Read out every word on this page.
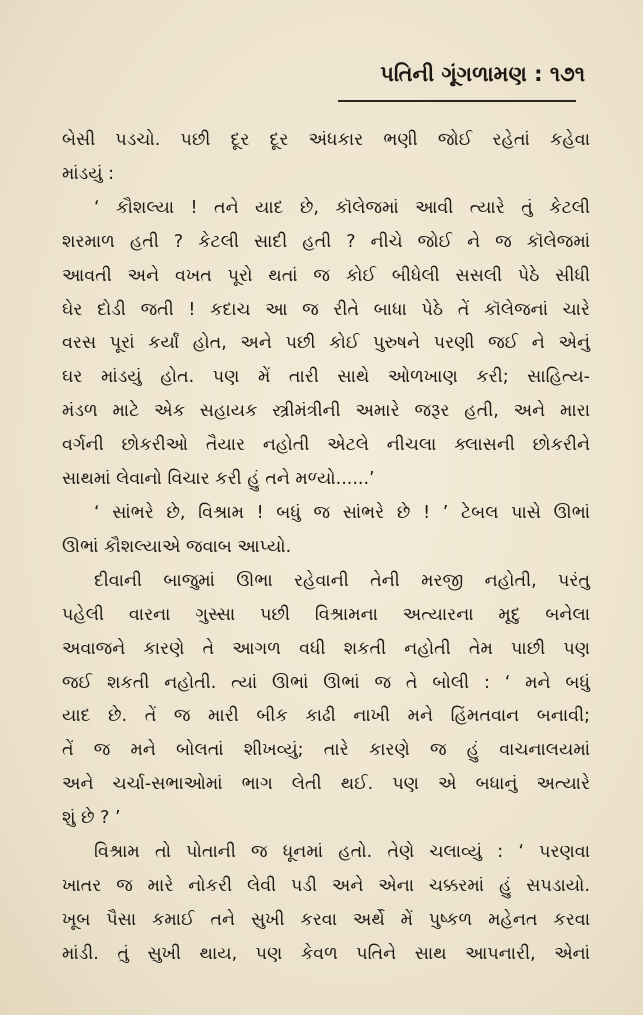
પતિની ગૂંગળામણ : ૧૭૧
બેસી પડચો. પછી દૂર દૂર અંધકાર ભણી જોઈ રહેતાં કહેવા
માંડયું :
‘ કૌશલ્યા ! તને યાદ છે, કૉલેજમાં આવી ત્યારે તું કેટલી
શરમાળ હતી ? કેટલી સાદી હતી ? નીચે જોઈ ને જ કૉલેજમાં
આવતી અને વખત પૂરો થતાં જ કોઈ બીધેલી સસલી પેઠે સીધી
ઘેર દોડી જતી ! કદાચ આ જ રીતે બાધા પેઠે તેં કૉલેજનાં ચારે
વરસ પૂરાં કર્યાં હોત, અને પછી કોઈ પુરુષને પરણી જઈ ને એનું
ઘર માંડયું હોત. પણ મેં તારી સાથે ઓળખાણ કરી; સાહિત્ય-
મંડળ માટે એક સહાયક સ્ત્રીમંત્રીની અમારે જરૂર હતી, અને મારા
વર્ગની છોકરીઓ તૈયાર નહોતી એટલે નીચલા ક્લાસની છોકરીને
સાથમાં લેવાનો વિચાર કરી હું તને મળ્યો......’
‘ સાંભરે છે, વિશ્રામ ! બધું જ સાંભરે છે ! ’ ટેબલ પાસે ઊભાં
ઊભાં કૌશલ્યાએ જવાબ આપ્યો.
દીવાની બાજુમાં ઊભા રહેવાની તેની મરજી નહોતી, પરંતુ
પહેલી વારના ગુસ્સા પછી વિશ્રામના અત્યારના મૃદુ બનેલા
અવાજને કારણે તે આગળ વધી શકતી નહોતી તેમ પાછી પણ
જઈ શકતી નહોતી. ત્યાં ઊભાં ઊભાં જ તે બોલી : ‘ મને બધું
યાદ છે. તેં જ મારી બીક કાઢી નાખી મને હિંમતવાન બનાવી;
તેં જ મને બોલતાં શીખવ્યું; તારે કારણે જ હું વાચનાલયમાં
અને ચર્ચા-સભાઓમાં ભાગ લેતી થઈ. પણ એ બધાનું અત્યારે
શું છે ? ’
વિશ્રામ તો પોતાની જ ધૂનમાં હતો. તેણે ચલાવ્યું : ‘ પરણવા
ખાતર જ મારે નોકરી લેવી પડી અને એના ચક્કરમાં હું સપડાયો.
ખૂબ પૈસા કમાઈ તને સુખી કરવા અર્થે મેં પુષ્કળ મહેનત કરવા
માંડી. તું સુખી થાય, પણ કેવળ પતિને સાથ આપનારી, એનાં
